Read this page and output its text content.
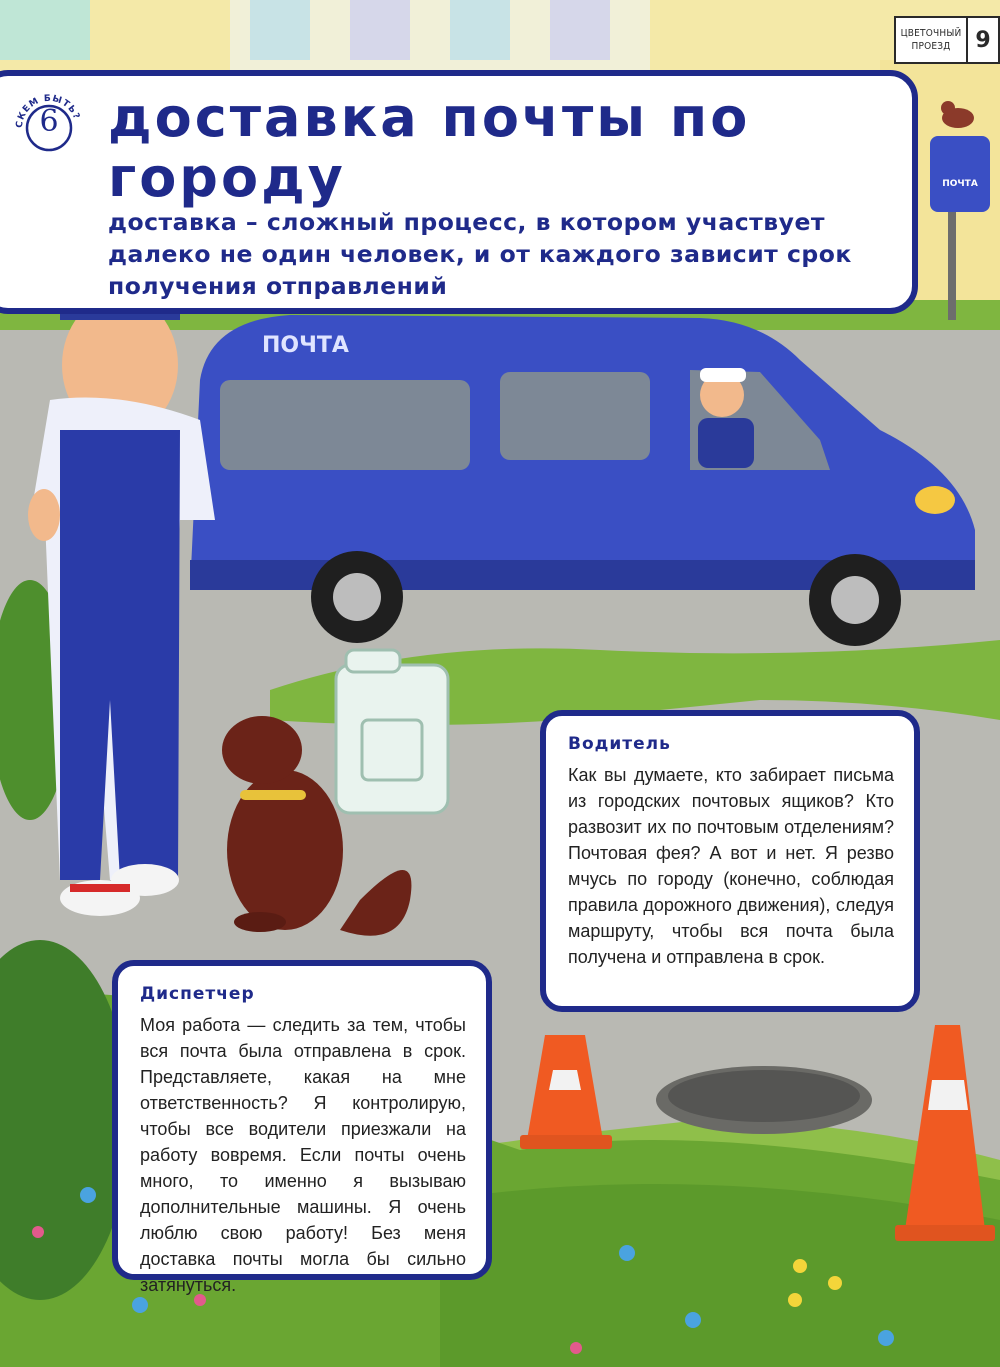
ПОЧТА
ПОЧТА
ЦВЕТОЧНЫЙ
ПРОЕЗД	9
СКЕМ БЫТЬ?
6 доставка почты по городу
доставка – сложный процесс, в котором участвует далеко не один человек, и от каждого зависит срок получения отправлений
Водитель
Как вы думаете, кто забирает письма из городских почтовых ящиков? Кто развозит их по почтовым отделениям? Почтовая фея? А вот и нет. Я резво мчусь по городу (конечно, соблюдая правила дорожного движения), следуя маршруту, чтобы вся почта была получена и отправлена в срок.
Диспетчер
Моя работа — следить за тем, чтобы вся почта была отправлена в срок. Представляете, какая на мне ответственность? Я контролирую, чтобы все водители приезжали на работу вовремя. Если почты очень много, то именно я вызываю дополнительные машины. Я очень люблю свою работу! Без меня доставка почты могла бы сильно затянуться.
